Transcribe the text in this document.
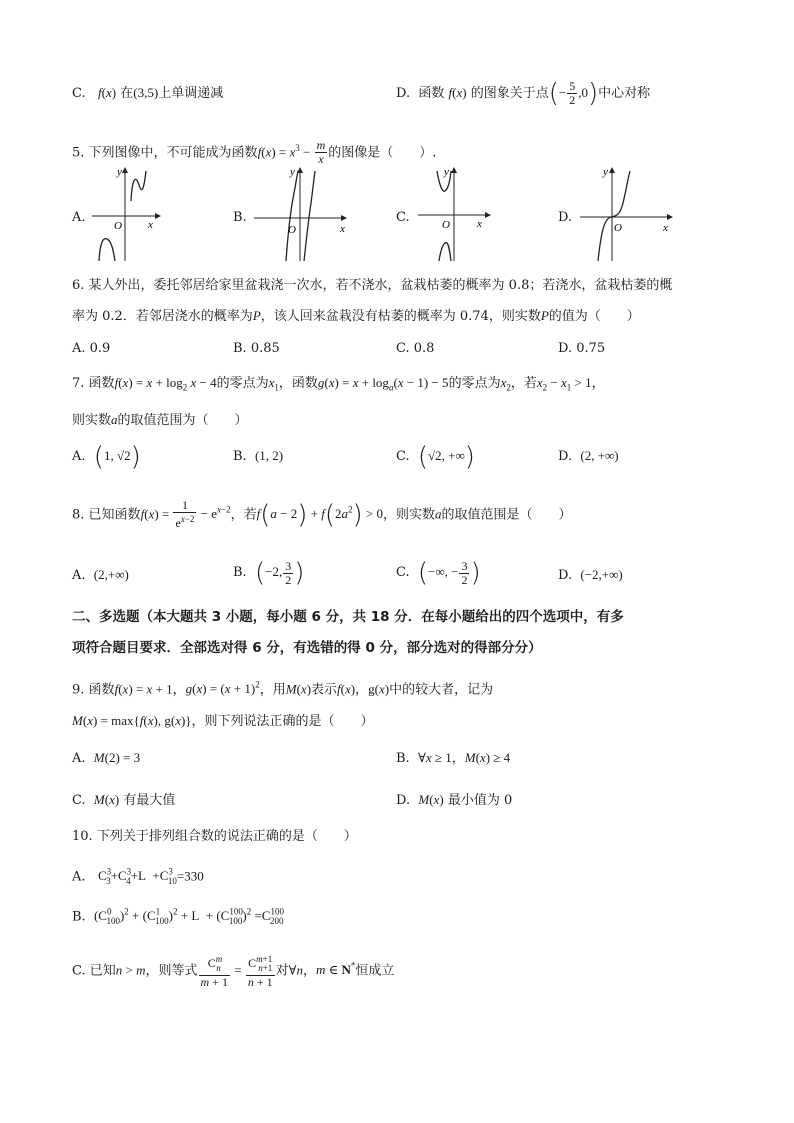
C. f(x) 在(3,5)上单调递减	D. 函数 f(x) 的图象关于点(− $\frac{5}{2} ,0$)中心对称
5. 下列图像中，不可能成为函数$f(x) = x^3 - \frac{m}{x}$ 的图像是（　　）.
A.	B.	C.	D.
y
x
O
y
x
O
y
x
O
y
x
O
6. 某人外出，委托邻居给家里盆栽浇一次水，若不浇水，盆栽枯萎的概率为 0.8；若浇水，盆栽枯萎的概
率为 0.2．若邻居浇水的概率为P，该人回来盆栽没有枯萎的概率为 0.74，则实数P的值为（　　）
A. 0.9	B. 0.85	C. 0.8	D. 0.75
7. 函数$f(x) = x + \log_2 x - 4$的零点为$x_1$，函数$g(x) = x + \log_a(x - 1) - 5$的零点为$x_2$，若$x_2 - x_1 > 1$，
则实数a的取值范围为（　　）
A. (1, √2)	B. (1, 2)	C. (√2, +∞)	D. (2, +∞)
8. 已知函数$f(x) = \frac{1}{e^{x-2}} - e^{x-2}$，若$f(a - 2) + f(2a^2) > 0$，则实数a的取值范围是（　　）
A. (2,+∞)	B. (−2, $\frac{3}{2}$ )	C. (−∞, − $\frac{3}{2}$ )	D. (−2,+∞)
二、多选题（本大题共 3 小题，每小题 6 分，共 18 分．在每小题给出的四个选项中，有多
项符合题目要求．全部选对得 6 分，有选错的得 0 分，部分选对的得部分分）
9. 函数f(x) = x + 1，$g(x) = (x + 1)^2$，用M(x)表示f(x)，g(x)中的较大者，记为
M(x) = max{f(x), g(x)}，则下列说法正确的是（　　）
A. M(2) = 3	B. ∀x ≥ 1，M(x) ≥ 4
C. M(x) 有最大值	D. M(x) 最小值为 0
10. 下列关于排列组合数的说法正确的是（　　）
A. $C^3_3+C^3_4+L +C^3_{10}=330$
B. $(C^0_{100})^2 + (C^1_{100})^2 + L + (C^{100}_{100})^2 =C^{100}_{200}$
C. 已知n > m，则等式 $\frac{C^m_n}{m + 1} = \frac{C^{m+1}_{n+1}}{n + 1}$ 对∀n，m ∈ N*恒成立
